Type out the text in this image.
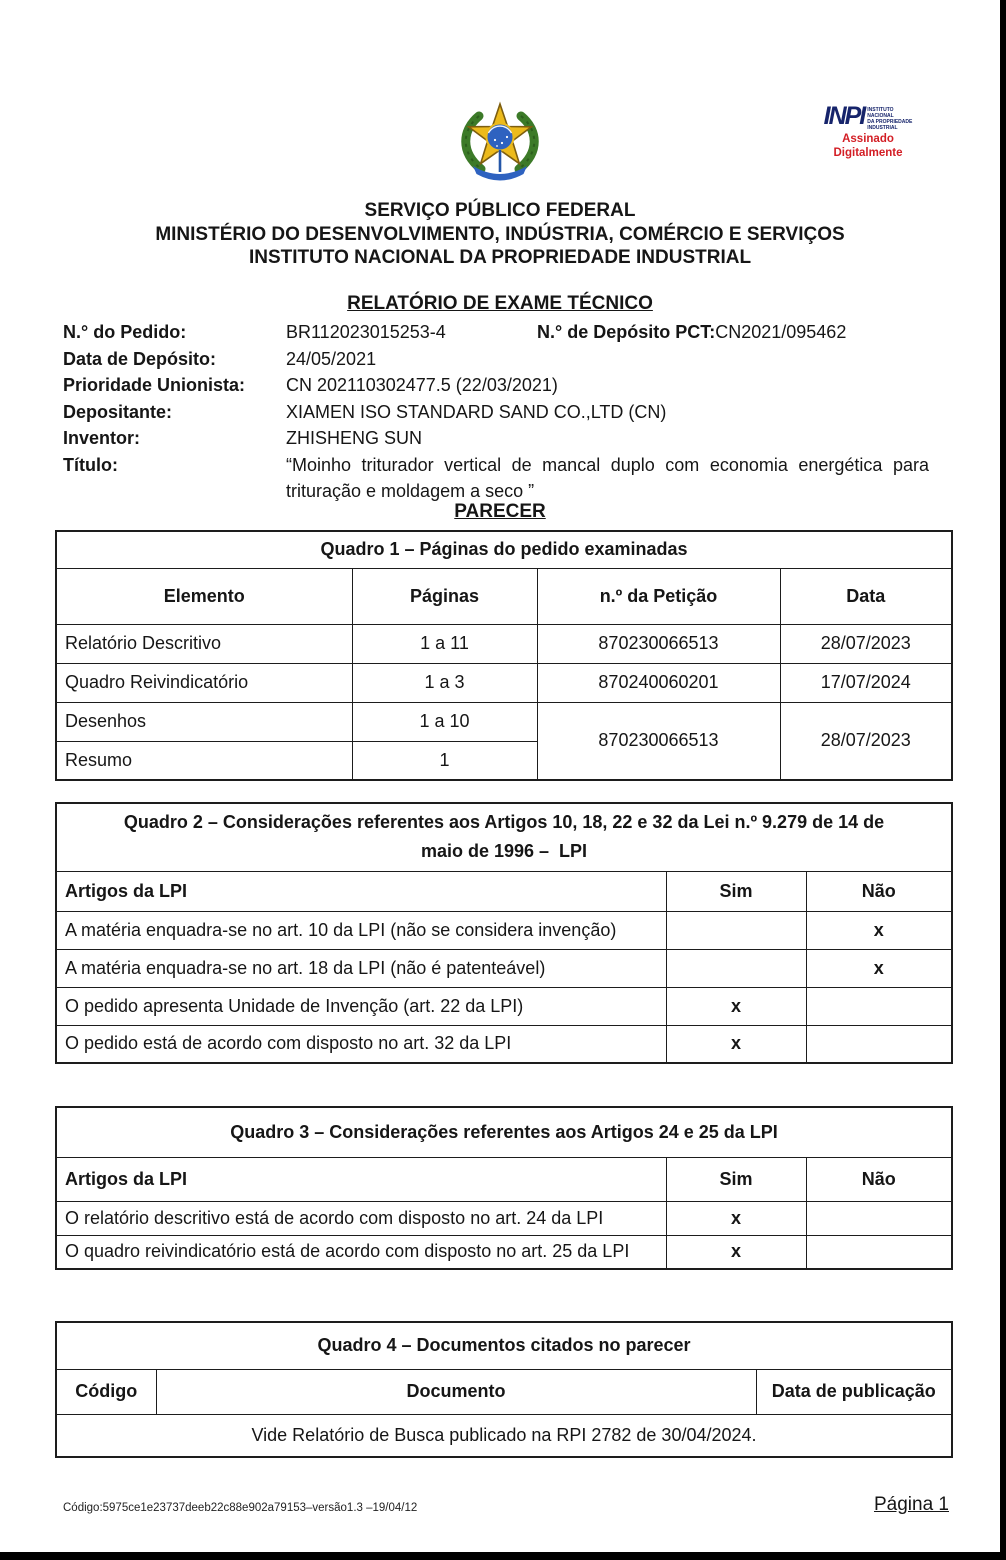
INPI INSTITUTO
NACIONAL
DA PROPRIEDADE
INDUSTRIAL
Assinado
Digitalmente
SERVIÇO PÚBLICO FEDERAL
MINISTÉRIO DO DESENVOLVIMENTO, INDÚSTRIA, COMÉRCIO E SERVIÇOS
INSTITUTO NACIONAL DA PROPRIEDADE INDUSTRIAL
RELATÓRIO DE EXAME TÉCNICO
N.° do Pedido:	BR112023015253-4	N.° de Depósito PCT: CN2021/095462
Data de Depósito:	24/05/2021
Prioridade Unionista:	CN 202110302477.5 (22/03/2021)
Depositante:	XIAMEN ISO STANDARD SAND CO.,LTD (CN)
Inventor:	ZHISHENG SUN
Título:	“Moinho triturador vertical de mancal duplo com economia energética para trituração e moldagem a seco ”
PARECER
Quadro 1 – Páginas do pedido examinadas			
Elemento	Páginas	n.º da Petição	Data
Relatório Descritivo	1 a 11	870230066513	28/07/2023
Quadro Reivindicatório	1 a 3	870240060201	17/07/2024
Desenhos	1 a 10	870230066513	28/07/2023
Resumo	1		
Quadro 2 – Considerações referentes aos Artigos 10, 18, 22 e 32 da Lei n.º 9.279 de 14 de
maio de 1996 –  LPI		

Artigos da LPI	Sim	Não
A matéria enquadra-se no art. 10 da LPI (não se considera invenção)		x
A matéria enquadra-se no art. 18 da LPI (não é patenteável)		x
O pedido apresenta Unidade de Invenção (art. 22 da LPI)	x	
O pedido está de acordo com disposto no art. 32 da LPI	x	
Quadro 3 – Considerações referentes aos Artigos 24 e 25 da LPI		
Artigos da LPI	Sim	Não
O relatório descritivo está de acordo com disposto no art. 24 da LPI	x	
O quadro reivindicatório está de acordo com disposto no art. 25 da LPI	x	
Quadro 4 – Documentos citados no parecer
Código	Documento	Data de publicação
Vide Relatório de Busca publicado na RPI 2782 de 30/04/2024.
Código:5975ce1e23737deeb22c88e902a79153–versão1.3 –19/04/12	Página 1
